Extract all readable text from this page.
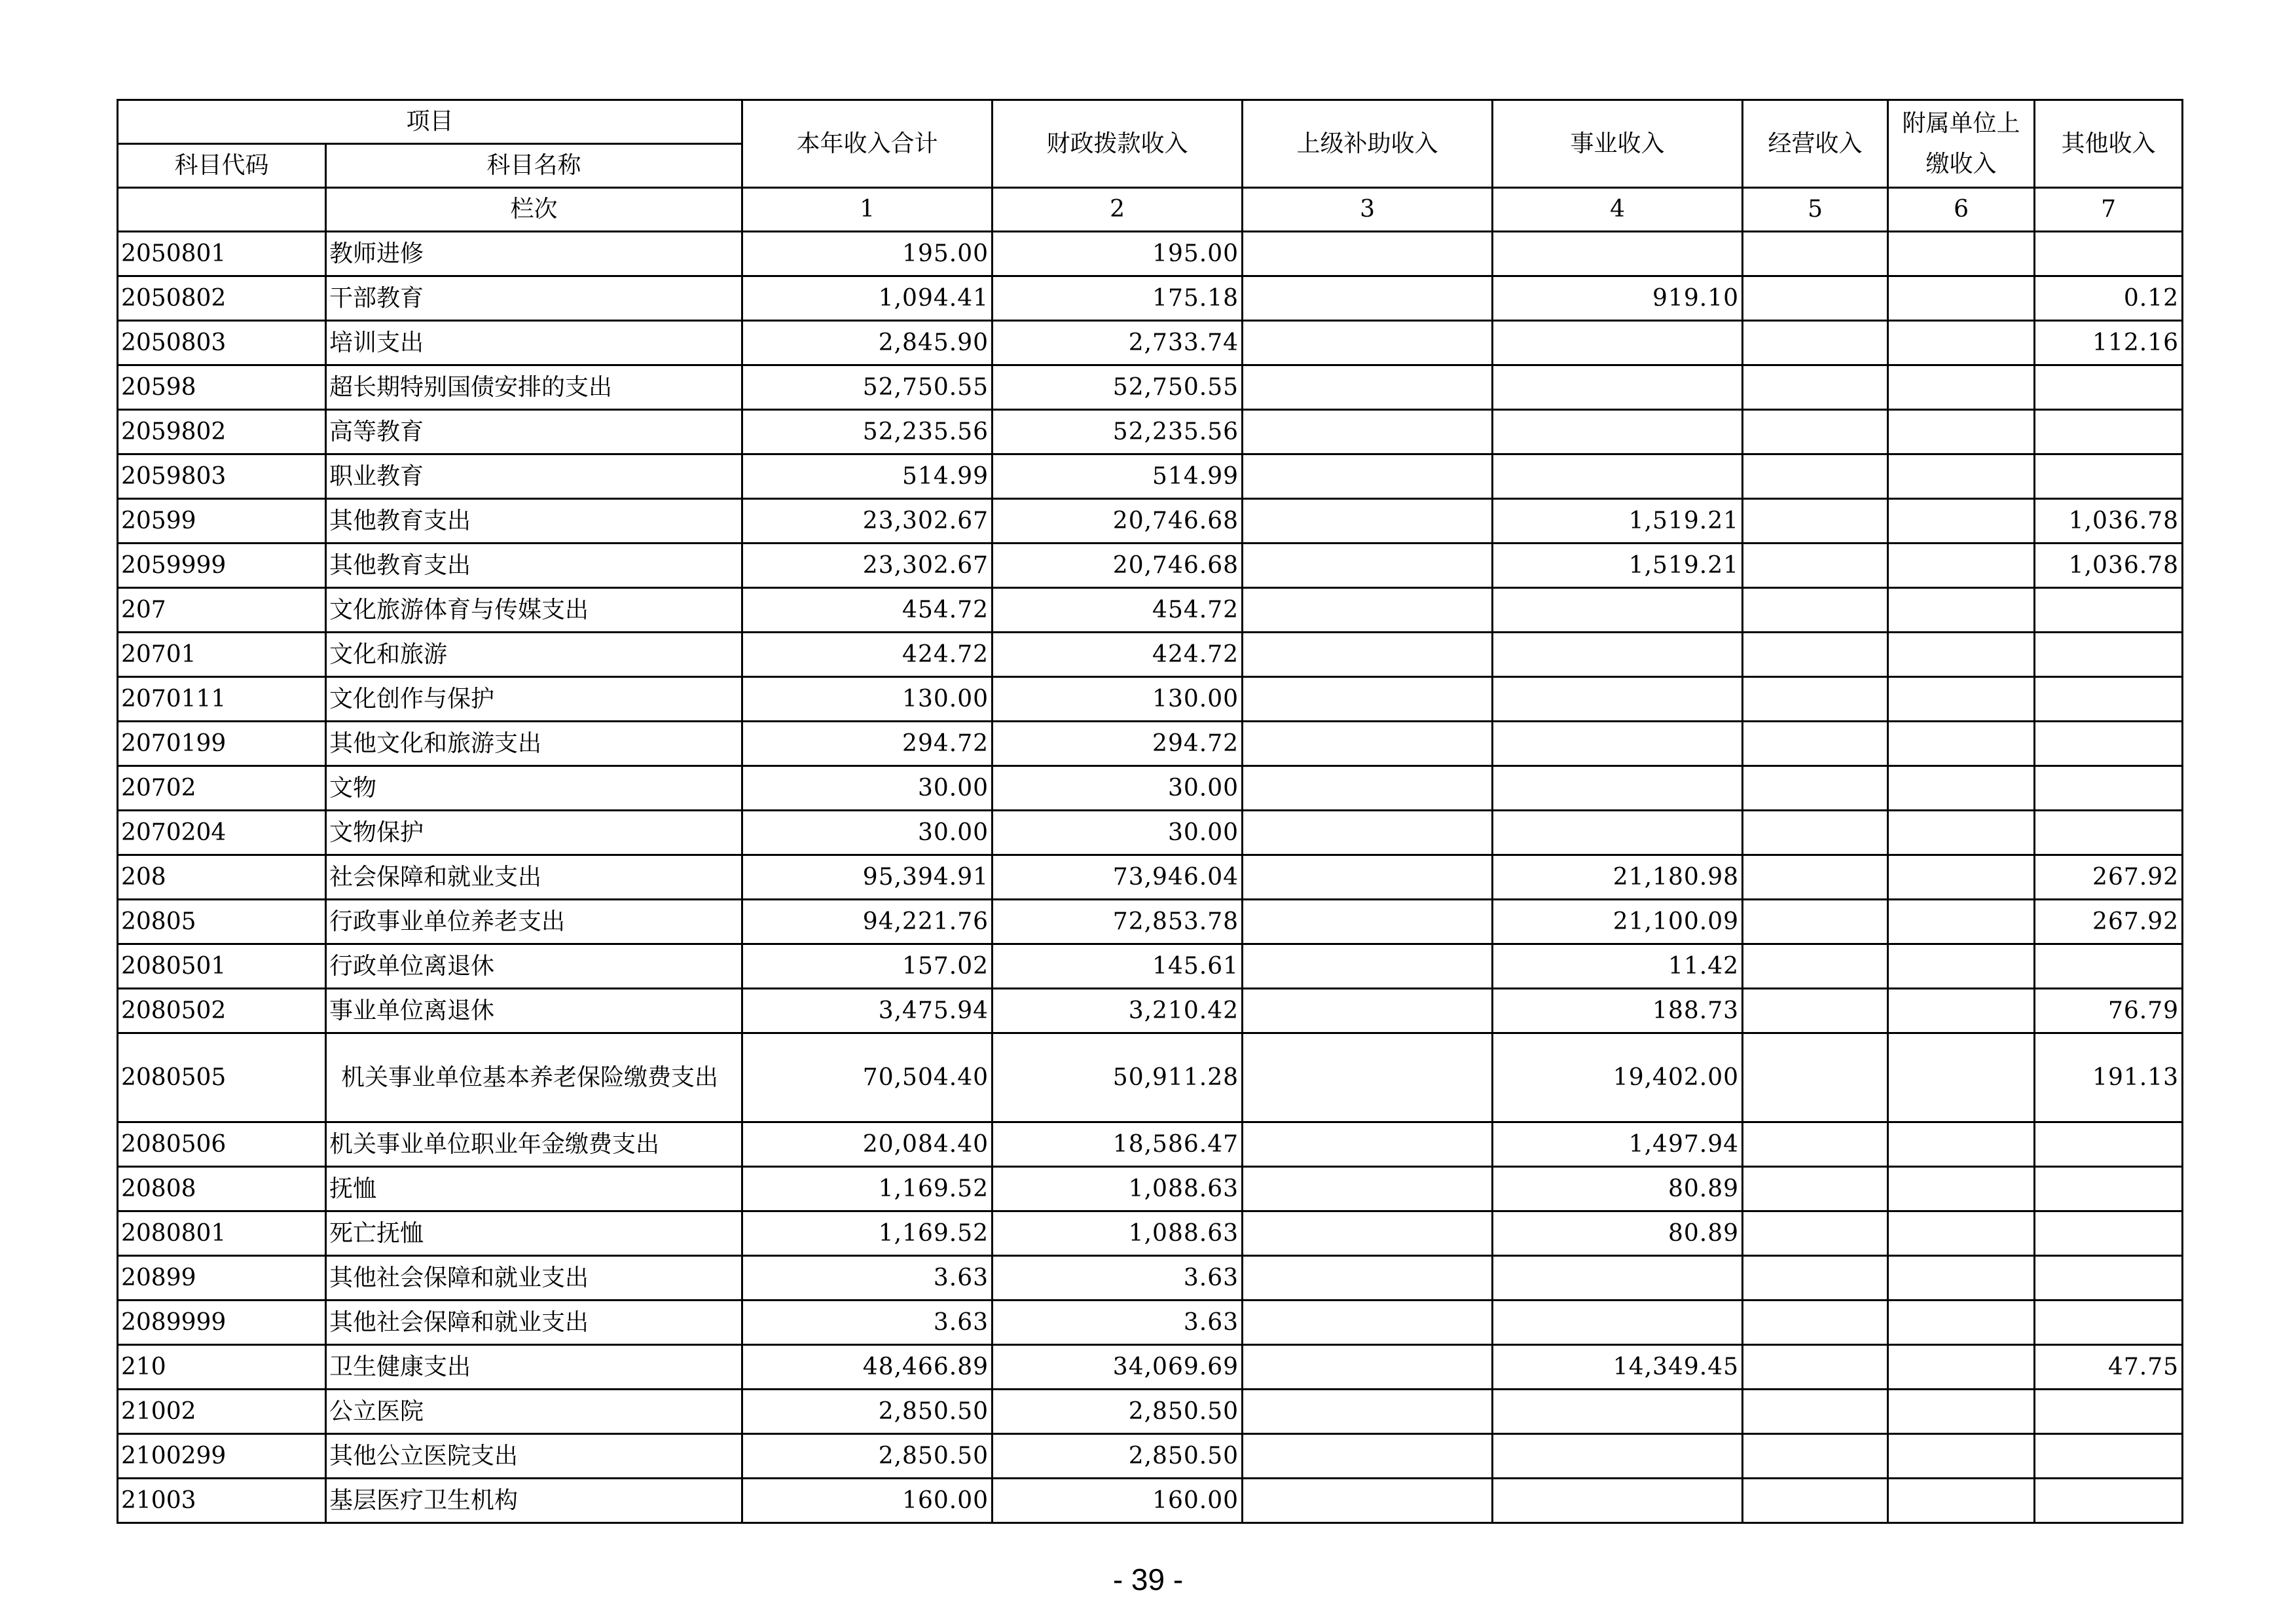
项目		本年收入合计	财政拨款收入	上级补助收入	事业收入	经营收入	附属单位上缴收入	其他收入
科目代码	科目名称							
	栏次	1	2	3	4	5	6	7
2050801	教师进修	195.00	195.00					
2050802	干部教育	1,094.41	175.18		919.10			0.12
2050803	培训支出	2,845.90	2,733.74					112.16
20598	超长期特别国债安排的支出	52,750.55	52,750.55					
2059802	高等教育	52,235.56	52,235.56					
2059803	职业教育	514.99	514.99					
20599	其他教育支出	23,302.67	20,746.68		1,519.21			1,036.78
2059999	其他教育支出	23,302.67	20,746.68		1,519.21			1,036.78
207	文化旅游体育与传媒支出	454.72	454.72					
20701	文化和旅游	424.72	424.72					
2070111	文化创作与保护	130.00	130.00					
2070199	其他文化和旅游支出	294.72	294.72					
20702	文物	30.00	30.00					
2070204	文物保护	30.00	30.00					
208	社会保障和就业支出	95,394.91	73,946.04		21,180.98			267.92
20805	行政事业单位养老支出	94,221.76	72,853.78		21,100.09			267.92
2080501	行政单位离退休	157.02	145.61		11.42			
2080502	事业单位离退休	3,475.94	3,210.42		188.73			76.79
2080505	机关事业单位基本养老保险缴费支出	70,504.40	50,911.28		19,402.00			191.13
2080506	机关事业单位职业年金缴费支出	20,084.40	18,586.47		1,497.94			
20808	抚恤	1,169.52	1,088.63		80.89			
2080801	死亡抚恤	1,169.52	1,088.63		80.89			
20899	其他社会保障和就业支出	3.63	3.63					
2089999	其他社会保障和就业支出	3.63	3.63					
210	卫生健康支出	48,466.89	34,069.69		14,349.45			47.75
21002	公立医院	2,850.50	2,850.50					
2100299	其他公立医院支出	2,850.50	2,850.50					
21003	基层医疗卫生机构	160.00	160.00					
- 39 -
